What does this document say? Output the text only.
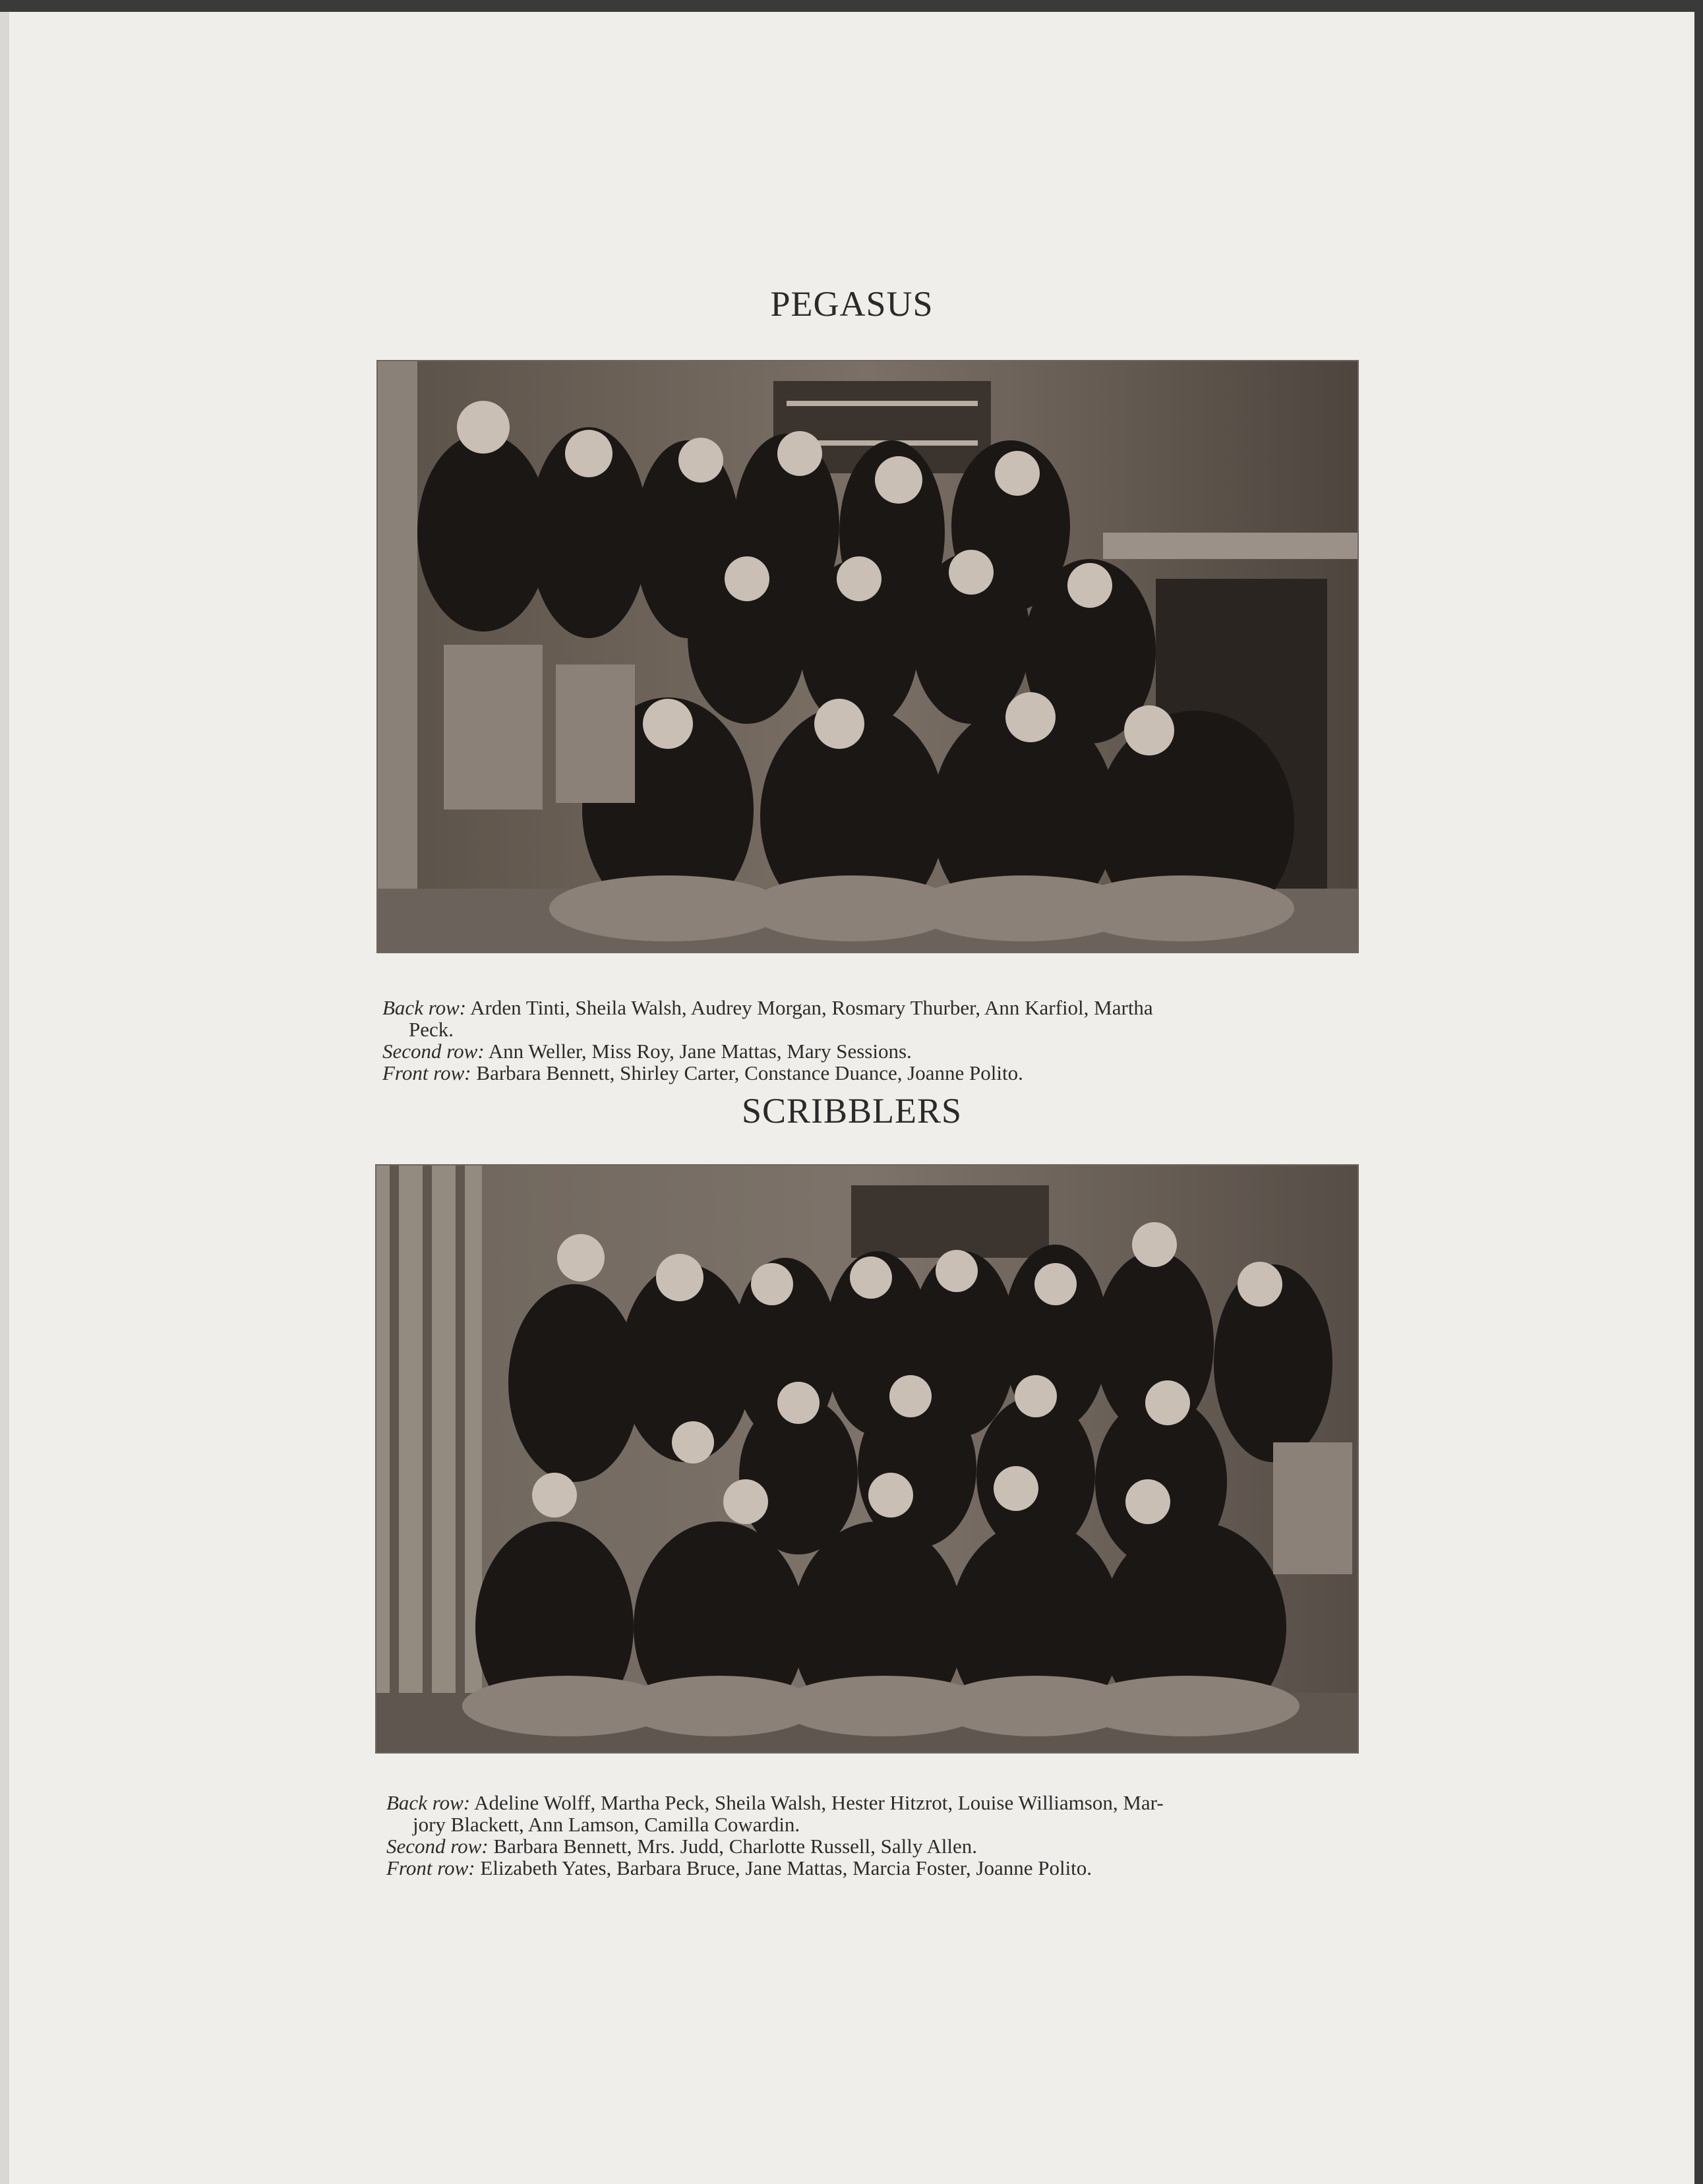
PEGASUS

Back row: Arden Tinti, Sheila Walsh, Audrey Morgan, Rosmary Thurber, Ann Karfiol, Martha

Peck.

Second row: Ann Weller, Miss Roy, Jane Mattas, Mary Sessions.

Front row: Barbara Bennett, Shirley Carter, Constance Duance, Joanne Polito.

SCRIBBLERS

Back row: Adeline Wolff, Martha Peck, Sheila Walsh, Hester Hitzrot, Louise Williamson, Mar-

jory Blackett, Ann Lamson, Camilla Cowardin.

Second row: Barbara Bennett, Mrs. Judd, Charlotte Russell, Sally Allen.

Front row: Elizabeth Yates, Barbara Bruce, Jane Mattas, Marcia Foster, Joanne Polito.
